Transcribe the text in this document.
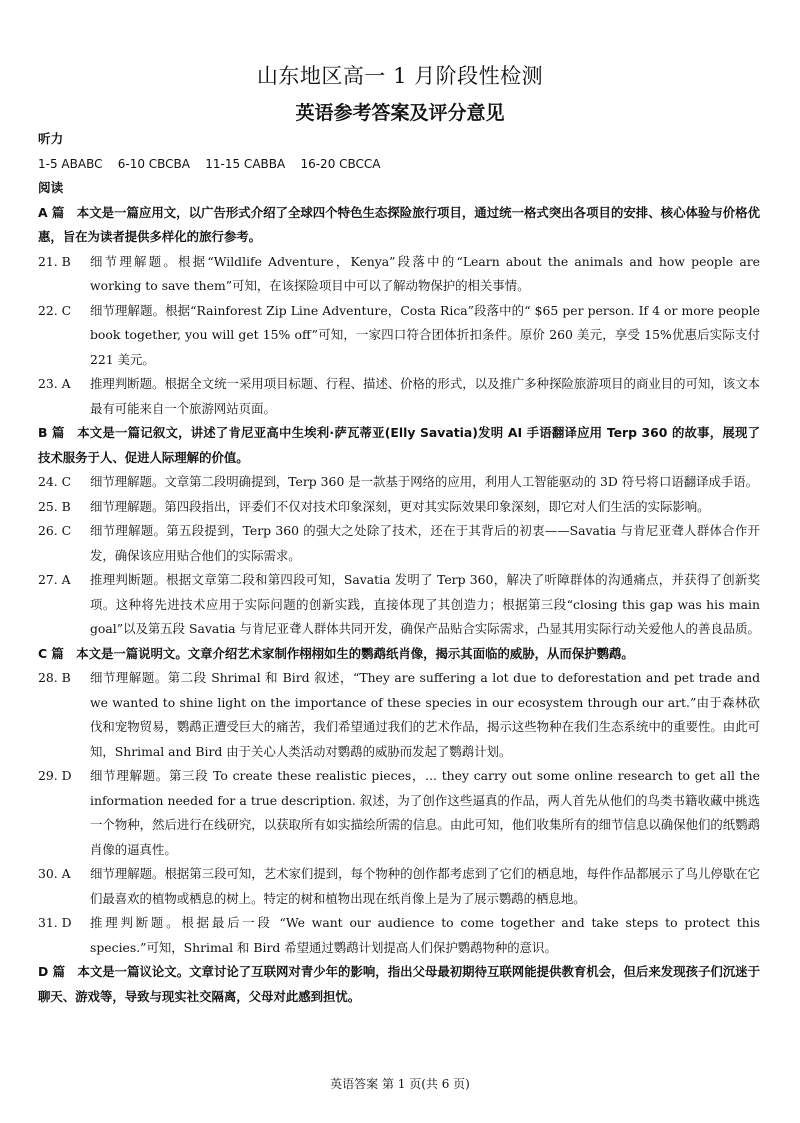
山东地区高一 1 月阶段性检测
英语参考答案及评分意见
听力
1-5 ABABC    6-10 CBCBA    11-15 CABBA    16-20 CBCCA
阅读
A 篇　本文是一篇应用文，以广告形式介绍了全球四个特色生态探险旅行项目，通过统一格式突出各项目的安排、核心体验与价格优惠，旨在为读者提供多样化的旅行参考。
21. B	细节理解题。根据“Wildlife Adventure，Kenya”段落中的“Learn about the animals and how people are working to save them”可知，在该探险项目中可以了解动物保护的相关事情。
22. C	细节理解题。根据“Rainforest Zip Line Adventure，Costa Rica”段落中的“ $65 per person. If 4 or more people book together, you will get 15% off”可知，一家四口符合团体折扣条件。原价 260 美元，享受 15%优惠后实际支付 221 美元。
23. A	推理判断题。根据全文统一采用项目标题、行程、描述、价格的形式，以及推广多种探险旅游项目的商业目的可知，该文本最有可能来自一个旅游网站页面。
B 篇　本文是一篇记叙文，讲述了肯尼亚高中生埃利·萨瓦蒂亚(Elly Savatia)发明 AI 手语翻译应用 Terp 360 的故事，展现了技术服务于人、促进人际理解的价值。
24. C	细节理解题。文章第二段明确提到，Terp 360 是一款基于网络的应用，利用人工智能驱动的 3D 符号将口语翻译成手语。
25. B	细节理解题。第四段指出，评委们不仅对技术印象深刻，更对其实际效果印象深刻，即它对人们生活的实际影响。
26. C	细节理解题。第五段提到，Terp 360 的强大之处除了技术，还在于其背后的初衷——Savatia 与肯尼亚聋人群体合作开发，确保该应用贴合他们的实际需求。
27. A	推理判断题。根据文章第二段和第四段可知，Savatia 发明了 Terp 360，解决了听障群体的沟通痛点，并获得了创新奖项。这种将先进技术应用于实际问题的创新实践，直接体现了其创造力；根据第三段“closing this gap was his main goal”以及第五段 Savatia 与肯尼亚聋人群体共同开发，确保产品贴合实际需求，凸显其用实际行动关爱他人的善良品质。
C 篇　本文是一篇说明文。文章介绍艺术家制作栩栩如生的鹦鹉纸肖像，揭示其面临的威胁，从而保护鹦鹉。
28. B	细节理解题。第二段 Shrimal 和 Bird 叙述，“They are suffering a lot due to deforestation and pet trade and we wanted to shine light on the importance of these species in our ecosystem through our art.”由于森林砍伐和宠物贸易，鹦鹉正遭受巨大的痛苦，我们希望通过我们的艺术作品，揭示这些物种在我们生态系统中的重要性。由此可知，Shrimal and Bird 由于关心人类活动对鹦鹉的威胁而发起了鹦鹉计划。
29. D	细节理解题。第三段 To create these realistic pieces，... they carry out some online research to get all the information needed for a true description. 叙述，为了创作这些逼真的作品，两人首先从他们的鸟类书籍收藏中挑选一个物种，然后进行在线研究，以获取所有如实描绘所需的信息。由此可知，他们收集所有的细节信息以确保他们的纸鹦鹉肖像的逼真性。
30. A	细节理解题。根据第三段可知，艺术家们提到，每个物种的创作都考虑到了它们的栖息地，每件作品都展示了鸟儿停歇在它们最喜欢的植物或栖息的树上。特定的树和植物出现在纸肖像上是为了展示鹦鹉的栖息地。
31. D	推理判断题。根据最后一段 “We want our audience to come together and take steps to protect this species.”可知，Shrimal 和 Bird 希望通过鹦鹉计划提高人们保护鹦鹉物种的意识。
D 篇　本文是一篇议论文。文章讨论了互联网对青少年的影响，指出父母最初期待互联网能提供教育机会，但后来发现孩子们沉迷于聊天、游戏等，导致与现实社交隔离，父母对此感到担忧。
英语答案 第 1 页(共 6 页)
